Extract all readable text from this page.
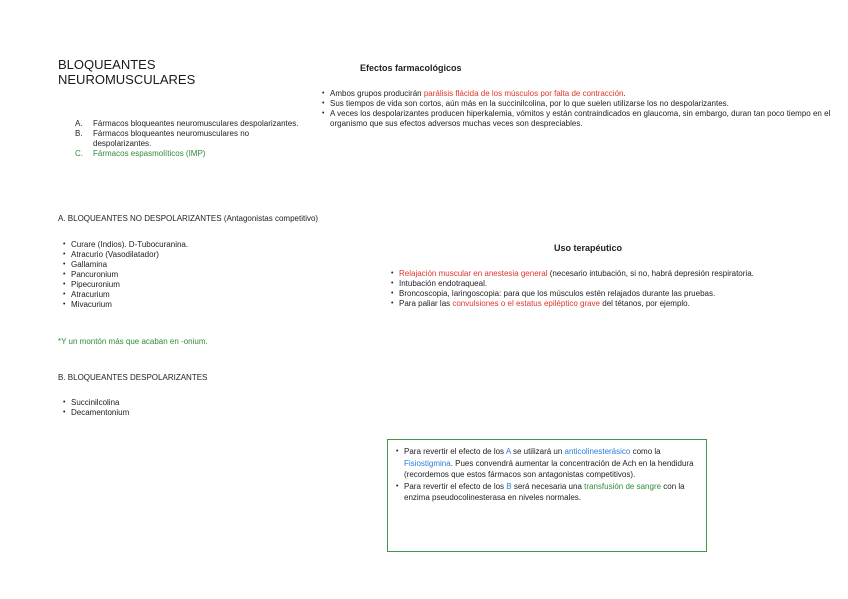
BLOQUEANTES
NEUROMUSCULARES
A. Fármacos bloqueantes neuromusculares despolarizantes.
B. Fármacos bloqueantes neuromusculares no despolarizantes.
C. Fármacos espasmolíticos (IMP)
Efectos farmacológicos
• Ambos grupos producirán parálisis flácida de los músculos por falta de contracción.
• Sus tiempos de vida son cortos, aún más en la succinilcolina, por lo que suelen utilizarse los no despolarizantes.
• A veces los despolarizantes producen hiperkalemia, vómitos y están contraindicados en glaucoma, sin embargo, duran tan poco tiempo en el organismo que sus efectos adversos muchas veces son despreciables.
A. BLOQUEANTES NO DESPOLARIZANTES (Antagonistas competitivo)
• Curare (Indios). D-Tubocuranina.
• Atracurio (Vasodilatador)
• Gallamina
• Pancuronium
• Pipecuronium
• Atracurium
• Mivacurium
*Y un montón más que acaban en -onium.
Uso terapéutico
• Relajación muscular en anestesia general (necesario intubación, si no, habrá depresión respiratoria.
• Intubación endotraqueal.
• Broncoscopia, laringoscopia: para que los músculos estén relajados durante las pruebas.
• Para paliar las convulsiones o el estatus epiléptico grave del tétanos, por ejemplo.
B. BLOQUEANTES DESPOLARIZANTES
• Succinilcolina
• Decamentonium
• Para revertir el efecto de los A se utilizará un anticolinesterásico como la Fisiostigmina. Pues convendrá aumentar la concentración de Ach en la hendidura (recordemos que estos fármacos son antagonistas competitivos).
• Para revertir el efecto de los B será necesaria una transfusión de sangre con la enzima pseudocolinesterasa en niveles normales.
